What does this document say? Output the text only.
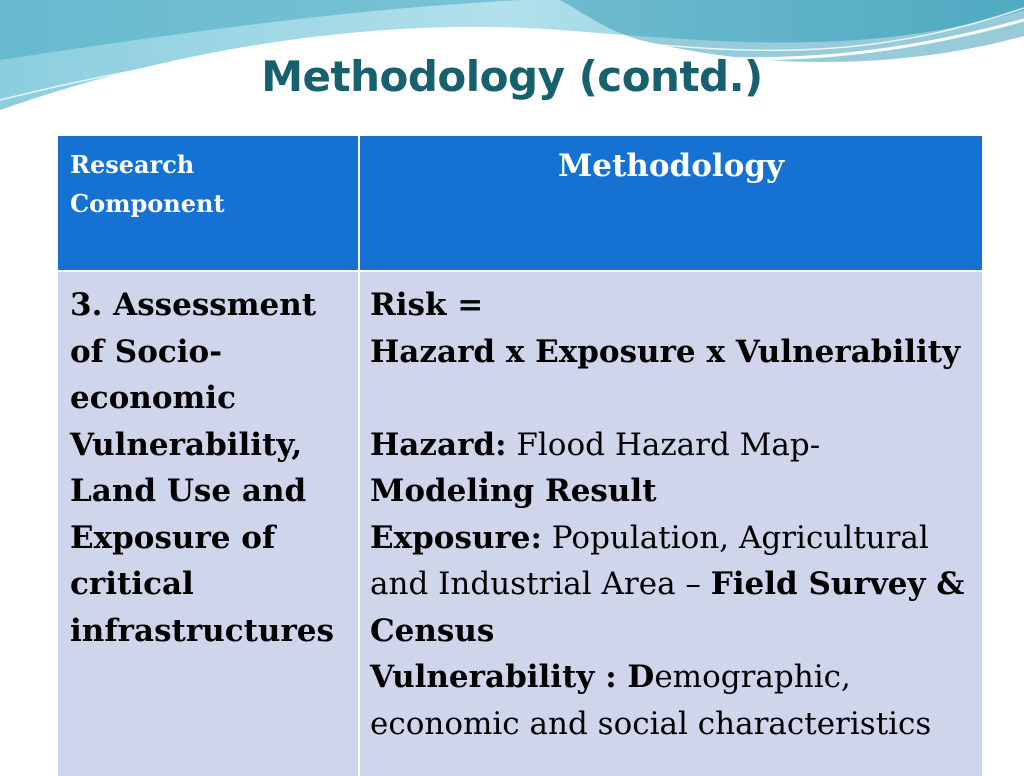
Methodology (contd.)
Research Component
Methodology
3. Assessment of Socio-economic Vulnerability, Land Use and Exposure of critical infrastructures

Risk =

Hazard x Exposure x Vulnerability

Hazard: Flood Hazard Map-
Modeling Result

Exposure: Population, Agricultural and Industrial Area – Field Survey & Census

Vulnerability : Demographic, economic and social characteristics
